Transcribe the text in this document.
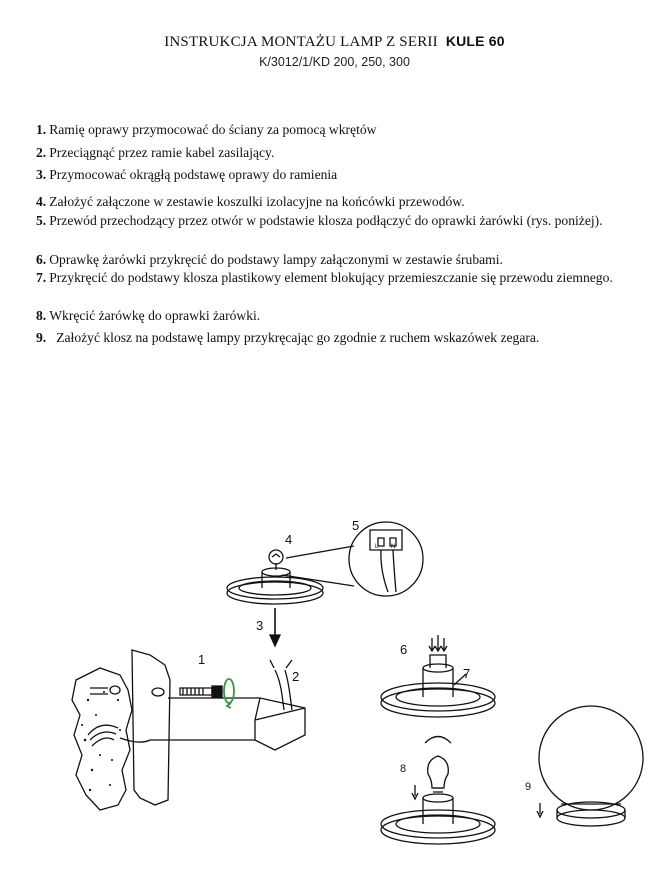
INSTRUKCJA MONTAŻU LAMP Z SERII KULE 60
K/3012/1/KD 200, 250, 300
1. Ramię oprawy przymocować do ściany za pomocą wkrętów
2. Przeciągnąć przez ramie kabel zasilający.
3. Przymocować okrągłą podstawę oprawy do ramienia
4. Założyć załączone w zestawie koszulki izolacyjne na końcówki przewodów.
5. Przewód przechodzący przez otwór w podstawie klosza podłączyć do oprawki żarówki (rys. poniżej).
6. Oprawkę żarówki przykręcić do podstawy lampy załączonymi w zestawie śrubami.
7. Przykręcić do podstawy klosza plastikowy element blokujący przemieszczanie się przewodu ziemnego.
8. Wkręcić żarówkę do oprawki żarówki.
9. Założyć klosz na podstawę lampy przykręcając go zgodnie z ruchem wskazówek zegara.
1
2
3
4
5
6
7
8
9
L N
